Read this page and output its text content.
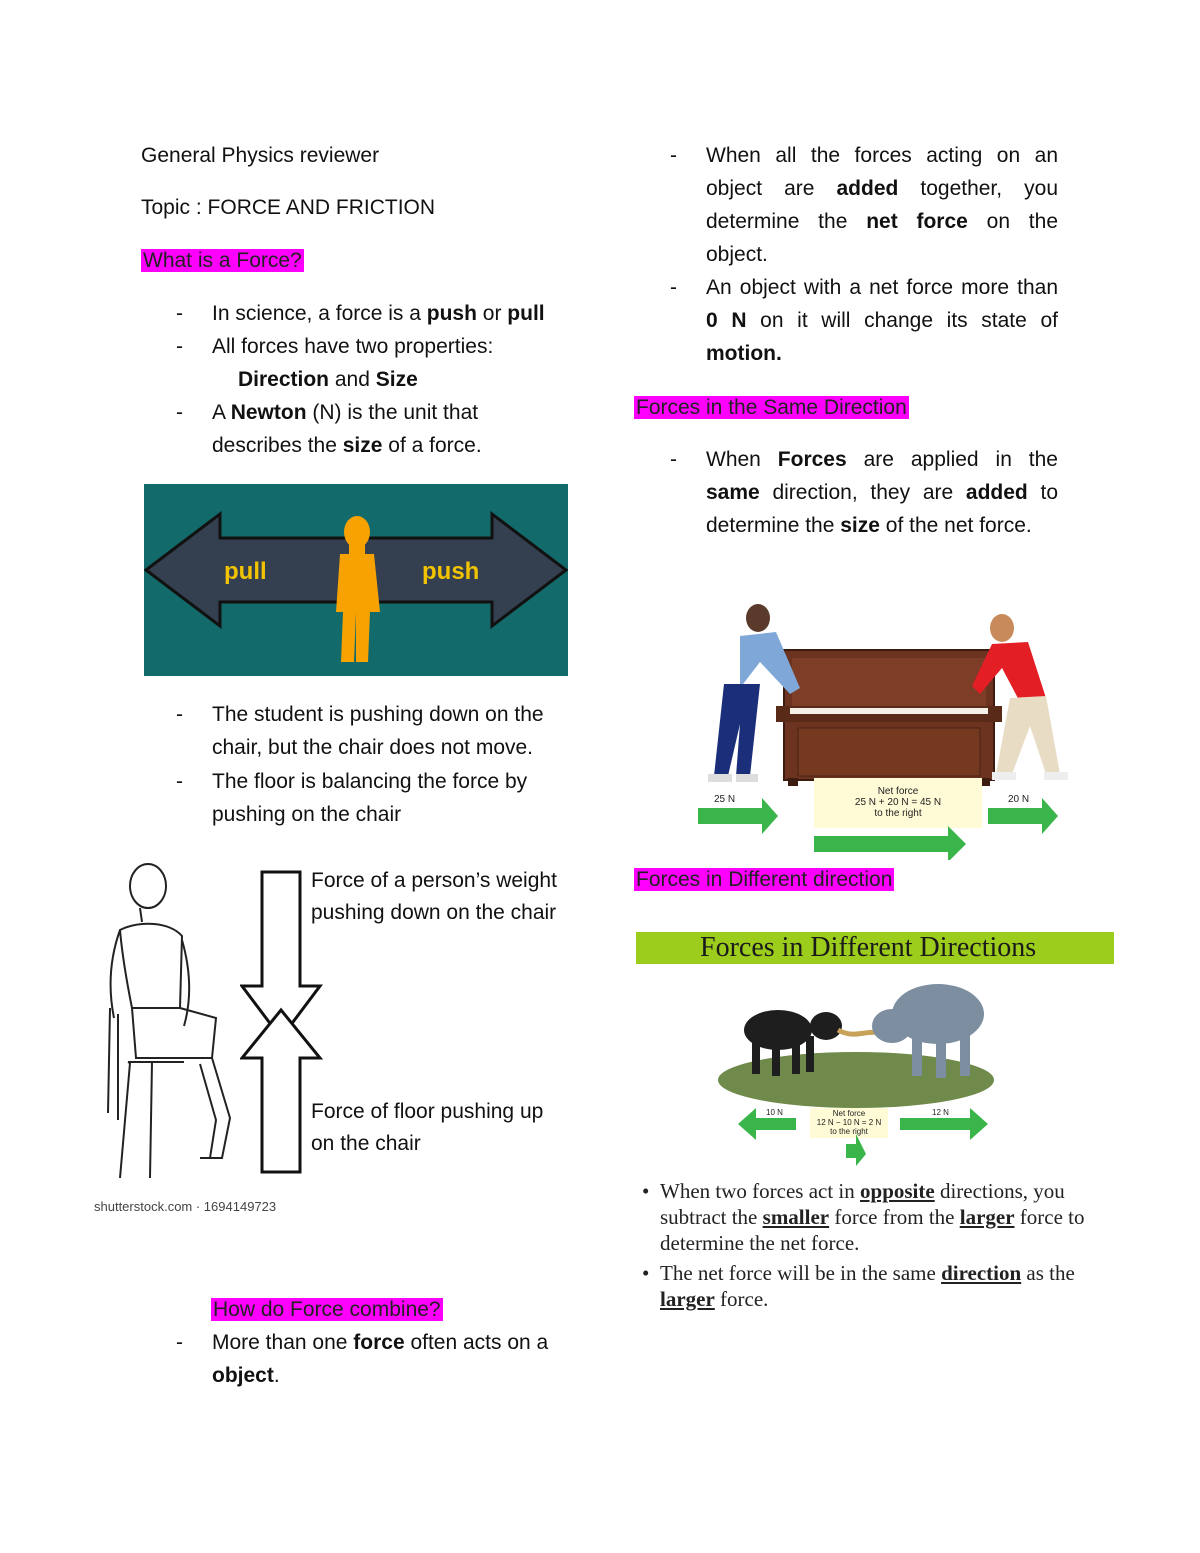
General Physics reviewer
Topic : FORCE AND FRICTION
What is a Force?
-	In science, a force is a push or pull
-	All forces have two properties:
Direction and Size
-	A Newton (N) is the unit that
describes the size of a force.
pull	push
-	The student is pushing down on the
chair, but the chair does not move.
-	The floor is balancing the force by
pushing on the chair
Force of a person’s weight
pushing down on the chair
Force of floor pushing up
on the chair
shutterstock.com · 1694149723
How do Force combine?
-	More than one force often acts on a
object.
-	When all the forces acting on an
object are added together, you
determine the net force on the
object.
-	An object with a net force more than
0 N on it will change its state of
motion.
Forces in the Same Direction
-	When Forces are applied in the
same direction, they are added to
determine the size of the net force.
25 N
Net force
25 N + 20 N = 45 N
to the right
20 N
Forces in Different direction
Forces in Different Directions
10 N	Net force
12 N − 10 N = 2 N
to the right
12 N
• When two forces act in opposite directions, you
subtract the smaller force from the larger force to
determine the net force.
• The net force will be in the same direction as the
larger force.
